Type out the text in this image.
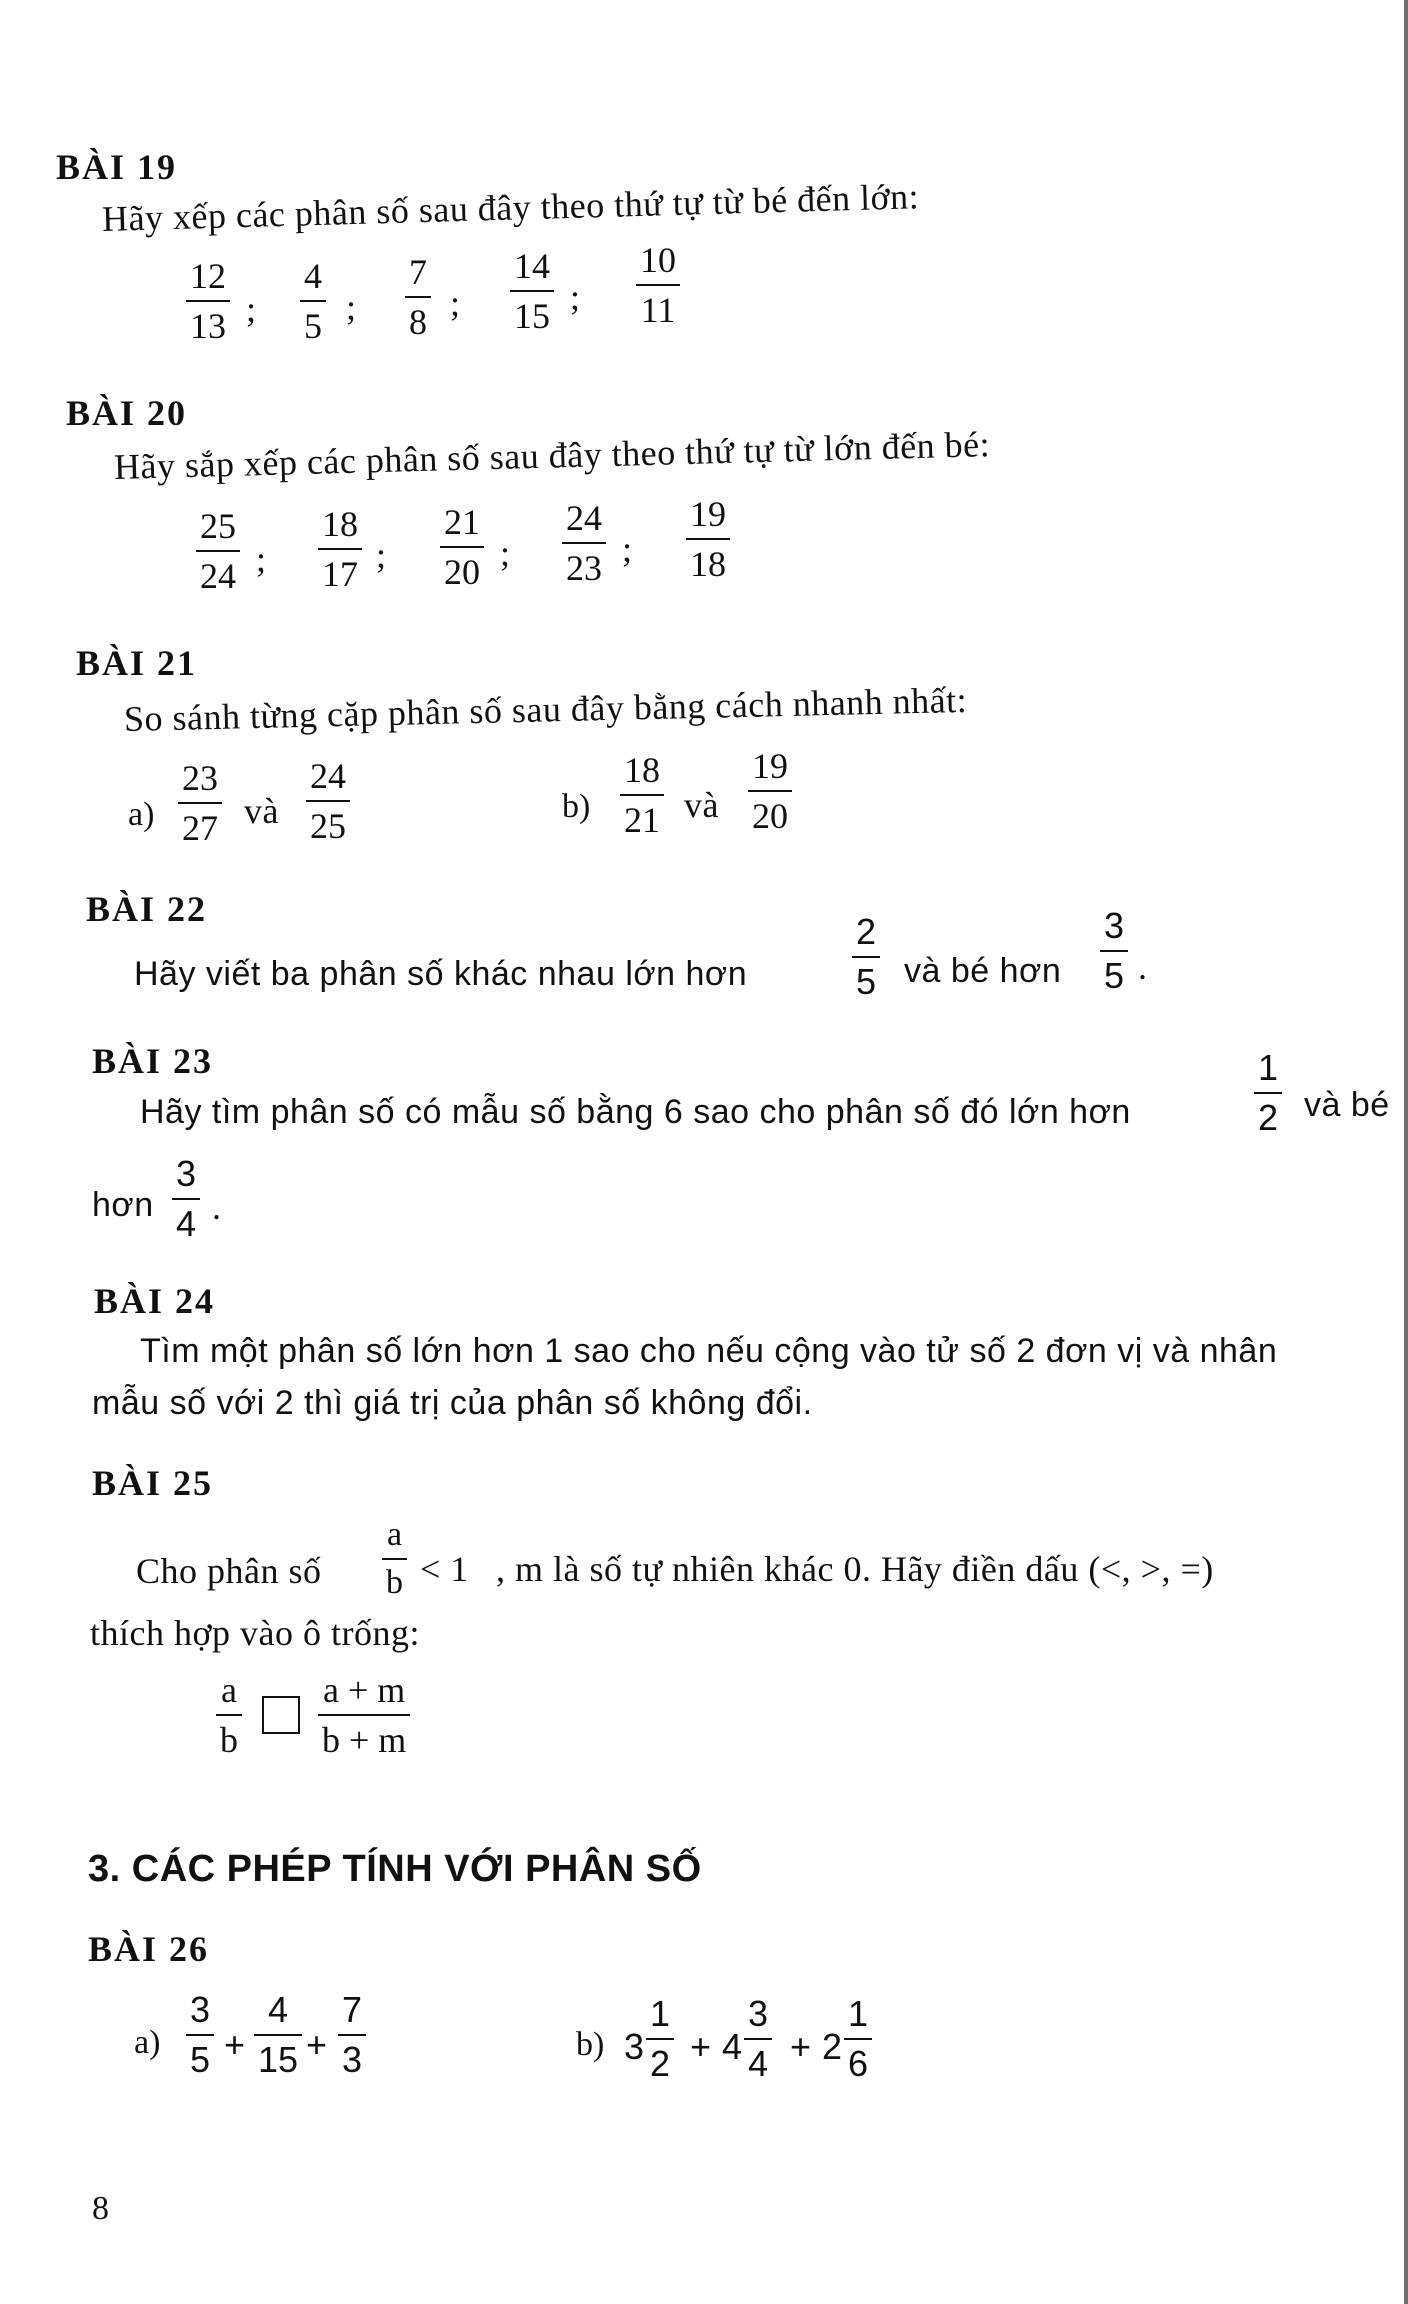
BÀI 19
Hãy xếp các phân số sau đây theo thứ tự từ bé đến lớn:
12
13 ;
4
5 ;
7
8 ;
14
15 ;
10
11
BÀI 20
Hãy sắp xếp các phân số sau đây theo thứ tự từ lớn đến bé:
25
24 ;
18
17 ;
21
20 ;
24
23 ;
19
18
BÀI 21
So sánh từng cặp phân số sau đây bằng cách nhanh nhất:
a)
23
27 và
24
25	b)
18
21 và
19
20
BÀI 22
Hãy viết ba phân số khác nhau lớn hơn
2
5 và bé hơn
3
5 .
BÀI 23
Hãy tìm phân số có mẫu số bằng 6 sao cho phân số đó lớn hơn
1
2 và bé
hơn
3
4 .
BÀI 24
Tìm một phân số lớn hơn 1 sao cho nếu cộng vào tử số 2 đơn vị và nhân
mẫu số với 2 thì giá trị của phân số không đổi.
BÀI 25
Cho phân số
a
b < 1 , m là số tự nhiên khác 0. Hãy điền dấu (<, >, =)
thích hợp vào ô trống:
a
b
a + m
b + m
3. CÁC PHÉP TÍNH VỚI PHÂN SỐ
BÀI 26
a)
3
5 +
4
15 +
7
3	b) 3
1
2 + 4
3
4 + 2
1
6
8
